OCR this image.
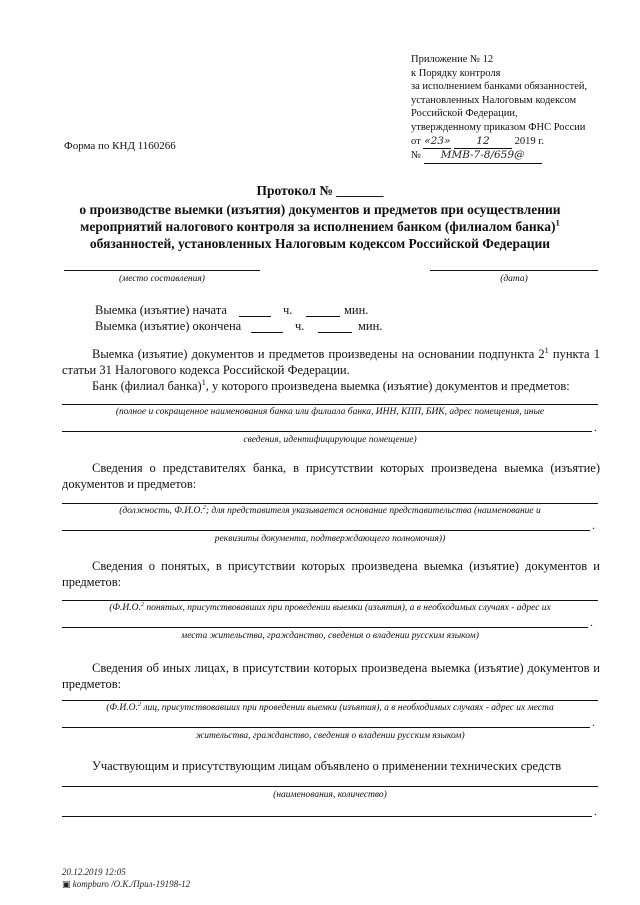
Приложение № 12
к Порядку контроля
за исполнением банками обязанностей,
установленных Налоговым кодексом
Российской Федерации,
утвержденному приказом ФНС России
от «23» 12 2019 г.
№ ММВ-7-8/659@
Форма по КНД 1160266
Протокол № _______
о производстве выемки (изъятия) документов и предметов при осуществлении
мероприятий налогового контроля за исполнением банком (филиалом банка)$^1$
обязанностей, установленных Налоговым кодексом Российской Федерации
(место составления)	(дата)
Выемка (изъятие) начата	ч.	мин.
Выемка (изъятие) окончена	ч.	мин.
Выемка (изъятие) документов и предметов произведены на основании подпункта $2^1$ пункта 1 статьи 31 Налогового кодекса Российской Федерации.
Банк (филиал банка)$^1$, у которого произведена выемка (изъятие) документов и предметов:
(полное и сокращенное наименования банка или филиала банка, ИНН, КПП, БИК, адрес помещения, иные
.
сведения, идентифицирующие помещение)
Сведения о представителях банка, в присутствии которых произведена выемка (изъятие) документов и предметов:
(должность, Ф.И.О.$^2$; для представителя указывается основание представительства (наименование и
.
реквизиты документа, подтверждающего полномочия))
Сведения о понятых, в присутствии которых произведена выемка (изъятие) документов и предметов:
(Ф.И.О.$^2$ понятых, присутствовавших при проведении выемки (изъятия), а в необходимых случаях - адрес их
.
места жительства, гражданство, сведения о владении русским языком)
Сведения об иных лицах, в присутствии которых произведена выемка (изъятие) документов и предметов:
(Ф.И.О.$^2$ лиц, присутствовавших при проведении выемки (изъятия), а в необходимых случаях - адрес их места
.
жительства, гражданство, сведения о владении русским языком)
Участвующим и присутствующим лицам объявлено о применении технических средств
(наименования, количество)
.
20.12.2019 12:05
▣ kompburo /О.К./Прил-19198-12
